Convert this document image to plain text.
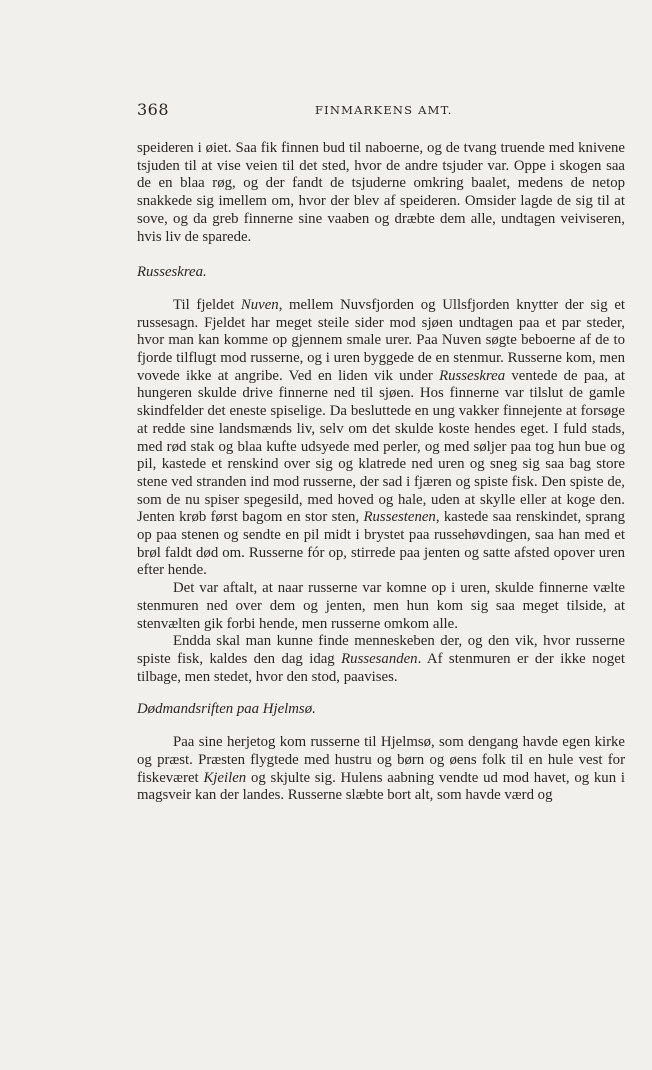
368	FINMARKENS AMT.

speideren i øiet. Saa fik finnen bud til naboerne, og de tvang truende med knivene tsjuden til at vise veien til det sted, hvor de andre tsjuder var. Oppe i skogen saa de en blaa røg, og der fandt de tsjuderne omkring baalet, medens de netop snakkede sig imellem om, hvor der blev af speideren. Omsider lagde de sig til at sove, og da greb finnerne sine vaaben og dræbte dem alle, undtagen veiviseren, hvis liv de sparede.

Russeskrea.

Til fjeldet Nuven, mellem Nuvsfjorden og Ullsfjorden knytter der sig et russesagn. Fjeldet har meget steile sider mod sjøen undtagen paa et par steder, hvor man kan komme op gjennem smale urer. Paa Nuven søgte beboerne af de to fjorde tilflugt mod russerne, og i uren byggede de en stenmur. Russerne kom, men vovede ikke at angribe. Ved en liden vik under Russeskrea ventede de paa, at hungeren skulde drive finnerne ned til sjøen. Hos finnerne var tilslut de gamle skindfelder det eneste spiselige. Da besluttede en ung vakker finnejente at forsøge at redde sine landsmænds liv, selv om det skulde koste hendes eget. I fuld stads, med rød stak og blaa kufte udsyede med perler, og med søljer paa tog hun bue og pil, kastede et renskind over sig og klatrede ned uren og sneg sig saa bag store stene ved stranden ind mod russerne, der sad i fjæren og spiste fisk. Den spiste de, som de nu spiser spegesild, med hoved og hale, uden at skylle eller at koge den. Jenten krøb først bagom en stor sten, Russestenen, kastede saa renskindet, sprang op paa stenen og sendte en pil midt i brystet paa russehøvdingen, saa han med et brøl faldt død om. Russerne fór op, stirrede paa jenten og satte afsted opover uren efter hende.

Det var aftalt, at naar russerne var komne op i uren, skulde finnerne vælte stenmuren ned over dem og jenten, men hun kom sig saa meget tilside, at stenvælten gik forbi hende, men russerne omkom alle.

Endda skal man kunne finde menneskeben der, og den vik, hvor russerne spiste fisk, kaldes den dag idag Russesanden. Af stenmuren er der ikke noget tilbage, men stedet, hvor den stod, paavises.

Dødmandsriften paa Hjelmsø.

Paa sine herjetog kom russerne til Hjelmsø, som dengang havde egen kirke og præst. Præsten flygtede med hustru og børn og øens folk til en hule vest for fiskeværet Kjeilen og skjulte sig. Hulens aabning vendte ud mod havet, og kun i magsveir kan der landes. Russerne slæbte bort alt, som havde værd og
